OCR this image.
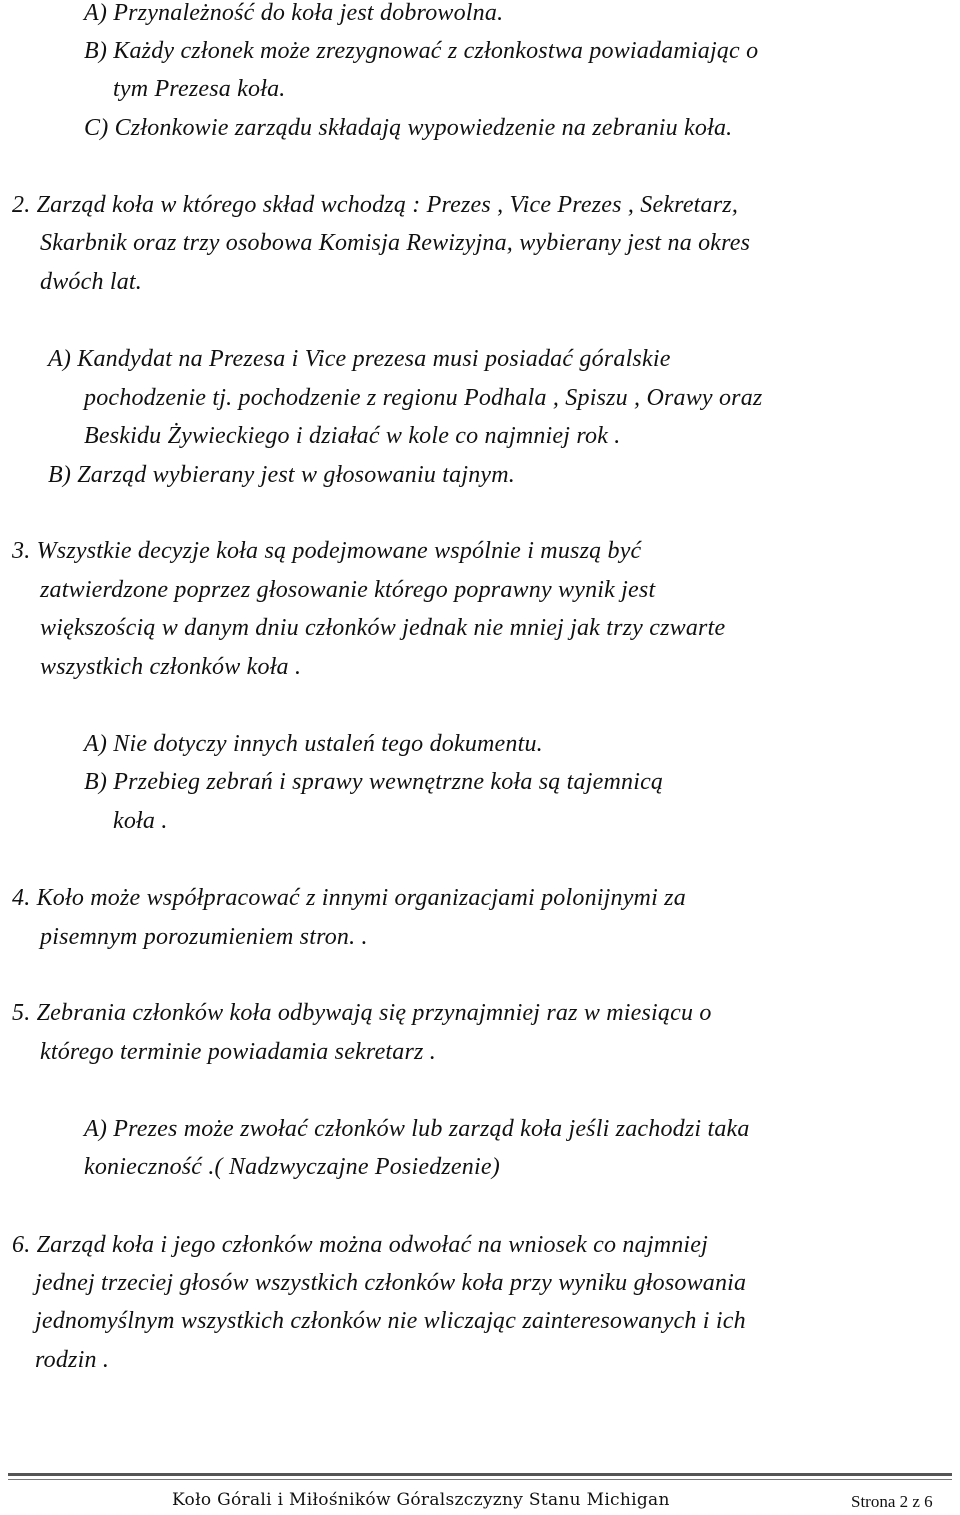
A) Przynależność do koła jest dobrowolna.
B) Każdy członek może zrezygnować z członkostwa powiadamiając o
tym Prezesa koła.
C) Członkowie zarządu składają wypowiedzenie na zebraniu koła.
2. Zarząd koła w którego skład wchodzą : Prezes , Vice Prezes , Sekretarz,
Skarbnik oraz trzy osobowa Komisja Rewizyjna, wybierany jest na okres
dwóch lat.
A) Kandydat na Prezesa i Vice prezesa musi posiadać góralskie
pochodzenie tj. pochodzenie z regionu Podhala , Spiszu , Orawy oraz
Beskidu Żywieckiego i działać w kole co najmniej rok .
B) Zarząd wybierany jest w głosowaniu tajnym.
3. Wszystkie decyzje koła są podejmowane wspólnie i muszą być
zatwierdzone poprzez głosowanie którego poprawny wynik jest
większością w danym dniu członków jednak nie mniej jak trzy czwarte
wszystkich członków koła .
A) Nie dotyczy innych ustaleń tego dokumentu.
B) Przebieg zebrań i sprawy wewnętrzne koła są tajemnicą
koła .
4. Koło może współpracować z innymi organizacjami polonijnymi za
pisemnym porozumieniem stron. .
5. Zebrania członków koła odbywają się przynajmniej raz w miesiącu o
którego terminie powiadamia sekretarz .
A) Prezes może zwołać członków lub zarząd koła jeśli zachodzi taka
konieczność .( Nadzwyczajne Posiedzenie)
6. Zarząd koła i jego członków można odwołać na wniosek co najmniej
jednej trzeciej głosów wszystkich członków koła przy wyniku głosowania
jednomyślnym wszystkich członków nie wliczając zainteresowanych i ich
rodzin .
Koło Górali i Miłośników Góralszczyzny Stanu Michigan	Strona 2 z 6
